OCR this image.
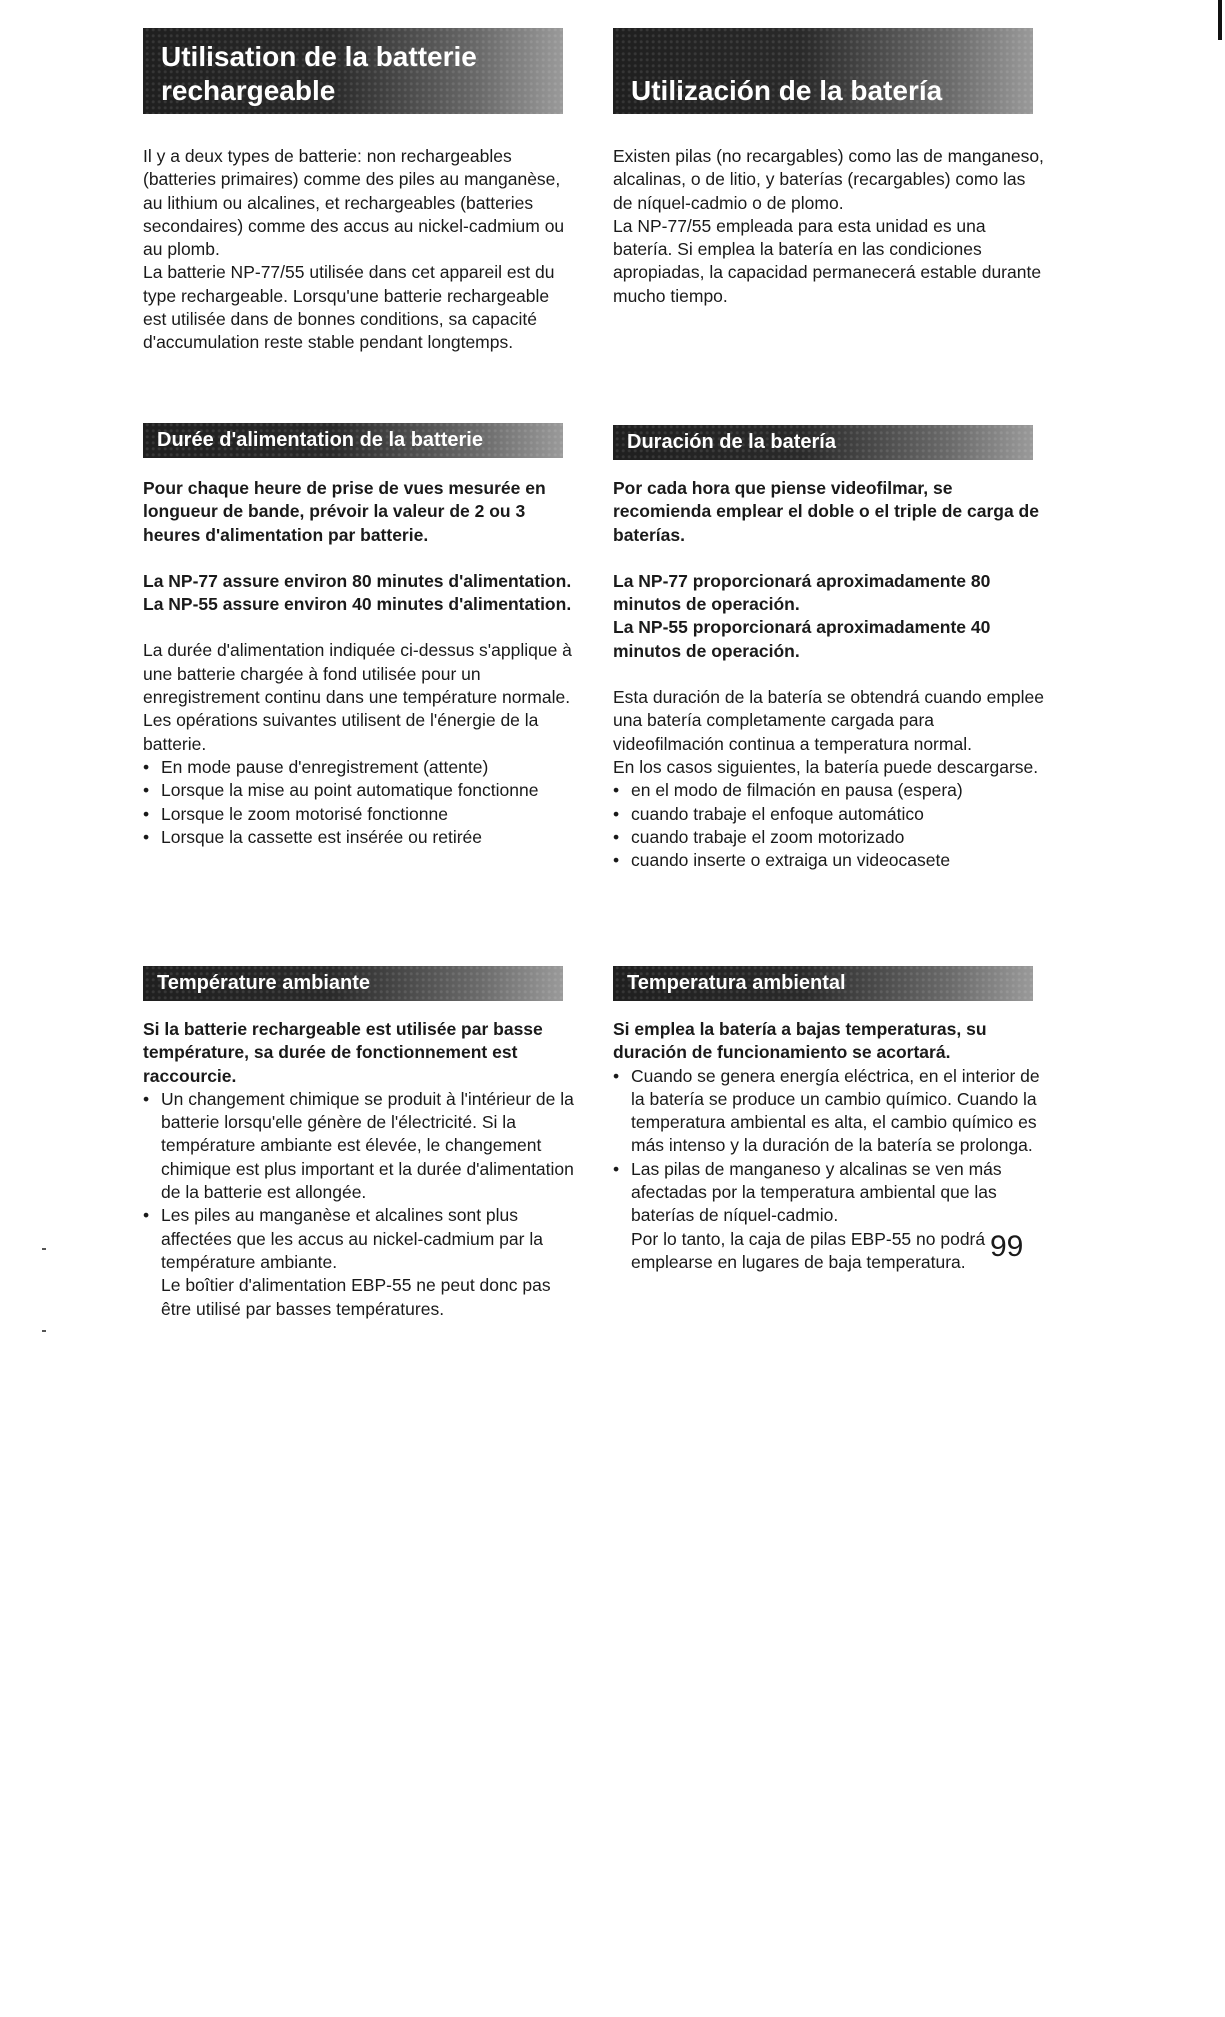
Utilisation de la batterie rechargeable

Il y a deux types de batterie: non rechargeables (batteries primaires) comme des piles au manganèse, au lithium ou alcalines, et rechargeables (batteries secondaires) comme des accus au nickel-cadmium ou au plomb.

La batterie NP-77/55 utilisée dans cet appareil est du type rechargeable. Lorsqu'une batterie rechargeable est utilisée dans de bonnes conditions, sa capacité d'accumulation reste stable pendant longtemps.

Durée d'alimentation de la batterie

Pour chaque heure de prise de vues mesurée en longueur de bande, prévoir la valeur de 2 ou 3 heures d'alimentation par batterie.

La NP-77 assure environ 80 minutes d'alimentation.

La NP-55 assure environ 40 minutes d'alimentation.

La durée d'alimentation indiquée ci-dessus s'applique à une batterie chargée à fond utilisée pour un enregistrement continu dans une température normale. Les opérations suivantes utilisent de l'énergie de la batterie.

• En mode pause d'enregistrement (attente)
• Lorsque la mise au point automatique fonctionne
• Lorsque le zoom motorisé fonctionne
• Lorsque la cassette est insérée ou retirée
Température ambiante

Si la batterie rechargeable est utilisée par basse température, sa durée de fonctionnement est raccourcie.

• Un changement chimique se produit à l'intérieur de la batterie lorsqu'elle génère de l'électricité. Si la température ambiante est élevée, le changement chimique est plus important et la durée d'alimentation de la batterie est allongée.
• Les piles au manganèse et alcalines sont plus affectées que les accus au nickel-cadmium par la température ambiante.
Le boîtier d'alimentation EBP-55 ne peut donc pas être utilisé par basses températures.
Utilización de la batería

Existen pilas (no recargables) como las de manganeso, alcalinas, o de litio, y baterías (recargables) como las de níquel-cadmio o de plomo.

La NP-77/55 empleada para esta unidad es una batería. Si emplea la batería en las condiciones apropiadas, la capacidad permanecerá estable durante mucho tiempo.

Duración de la batería

Por cada hora que piense videofilmar, se recomienda emplear el doble o el triple de carga de baterías.

La NP-77 proporcionará aproximadamente 80 minutos de operación.

La NP-55 proporcionará aproximadamente 40 minutos de operación.

Esta duración de la batería se obtendrá cuando emplee una batería completamente cargada para videofilmación continua a temperatura normal.

En los casos siguientes, la batería puede descargarse.

• en el modo de filmación en pausa (espera)
• cuando trabaje el enfoque automático
• cuando trabaje el zoom motorizado
• cuando inserte o extraiga un videocasete
Temperatura ambiental

Si emplea la batería a bajas temperaturas, su duración de funcionamiento se acortará.

• Cuando se genera energía eléctrica, en el interior de la batería se produce un cambio químico. Cuando la temperatura ambiental es alta, el cambio químico es más intenso y la duración de la batería se prolonga.
• Las pilas de manganeso y alcalinas se ven más afectadas por la temperatura ambiental que las baterías de níquel-cadmio.
Por lo tanto, la caja de pilas EBP-55 no podrá emplearse en lugares de baja temperatura. 99
